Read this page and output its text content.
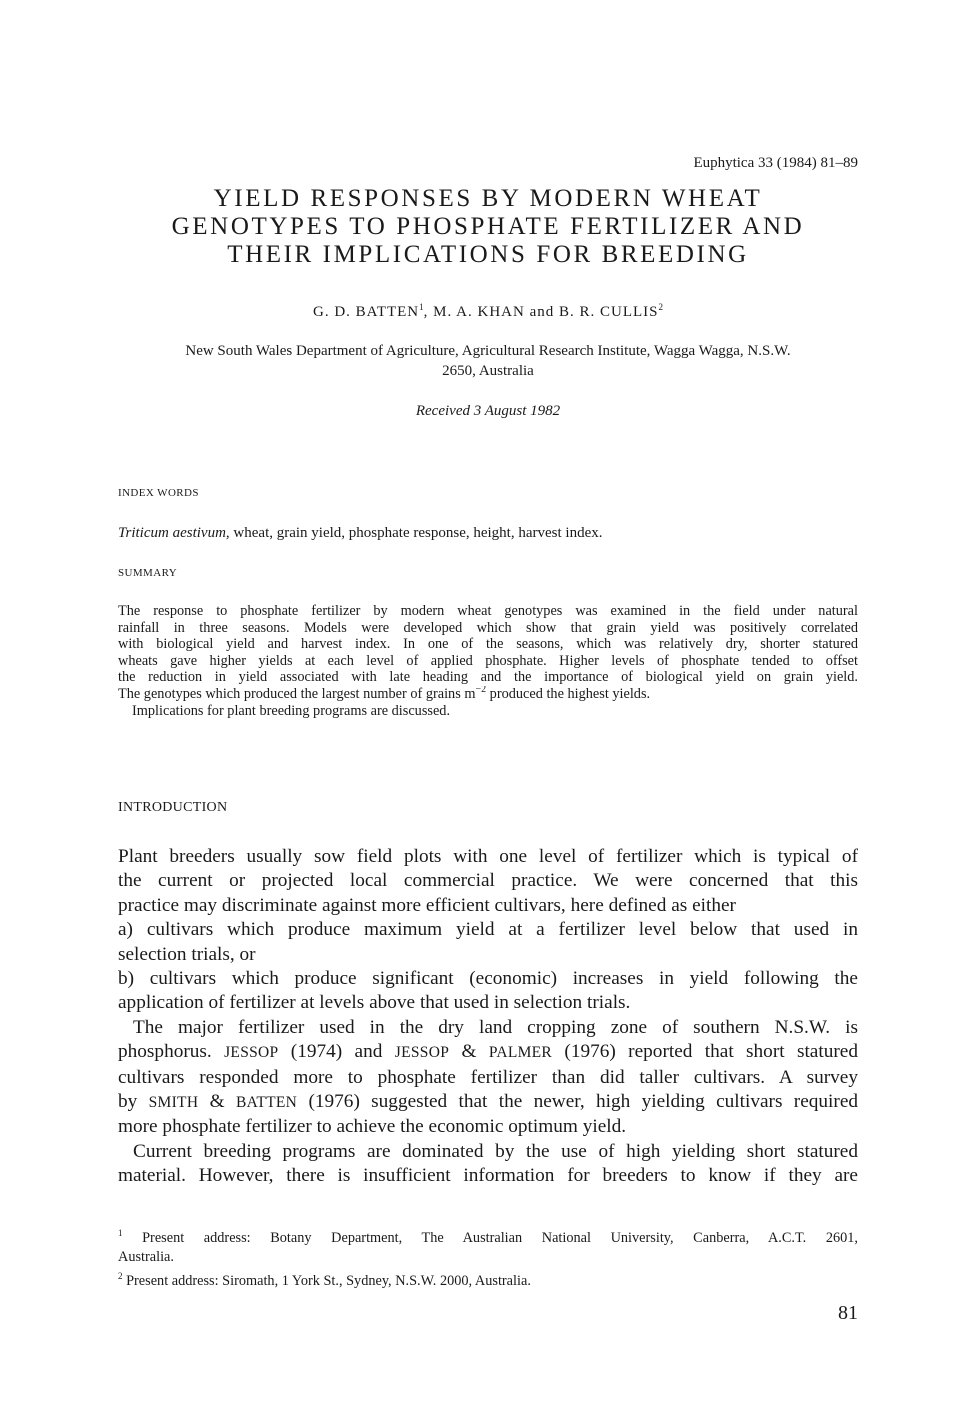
Euphytica 33 (1984) 81–89
YIELD RESPONSES BY MODERN WHEAT
GENOTYPES TO PHOSPHATE FERTILIZER AND
THEIR IMPLICATIONS FOR BREEDING
G. D. BATTEN$^1$, M. A. KHAN and B. R. CULLIS$^2$
New South Wales Department of Agriculture, Agricultural Research Institute, Wagga Wagga, N.S.W.
2650, Australia
Received 3 August 1982
INDEX WORDS
Triticum aestivum, wheat, grain yield, phosphate response, height, harvest index.
SUMMARY
The response to phosphate fertilizer by modern wheat genotypes was examined in the field under natural
rainfall in three seasons. Models were developed which show that grain yield was positively correlated
with biological yield and harvest index. In one of the seasons, which was relatively dry, shorter statured
wheats gave higher yields at each level of applied phosphate. Higher levels of phosphate tended to offset
the reduction in yield associated with late heading and the importance of biological yield on grain yield.
The genotypes which produced the largest number of grains $m^{-2}$ produced the highest yields.
Implications for plant breeding programs are discussed.
INTRODUCTION
Plant breeders usually sow field plots with one level of fertilizer which is typical of
the current or projected local commercial practice. We were concerned that this
practice may discriminate against more efficient cultivars, here defined as either
a) cultivars which produce maximum yield at a fertilizer level below that used in
selection trials, or
b) cultivars which produce significant (economic) increases in yield following the
application of fertilizer at levels above that used in selection trials.
The major fertilizer used in the dry land cropping zone of southern N.S.W. is
phosphorus. JESSOP (1974) and JESSOP & PALMER (1976) reported that short statured
cultivars responded more to phosphate fertilizer than did taller cultivars. A survey
by SMITH & BATTEN (1976) suggested that the newer, high yielding cultivars required
more phosphate fertilizer to achieve the economic optimum yield.
Current breeding programs are dominated by the use of high yielding short statured
material. However, there is insufficient information for breeders to know if they are
$^1$ Present address: Botany Department, The Australian National University, Canberra, A.C.T. 2601,
Australia.
$^2$ Present address: Siromath, 1 York St., Sydney, N.S.W. 2000, Australia.
81
